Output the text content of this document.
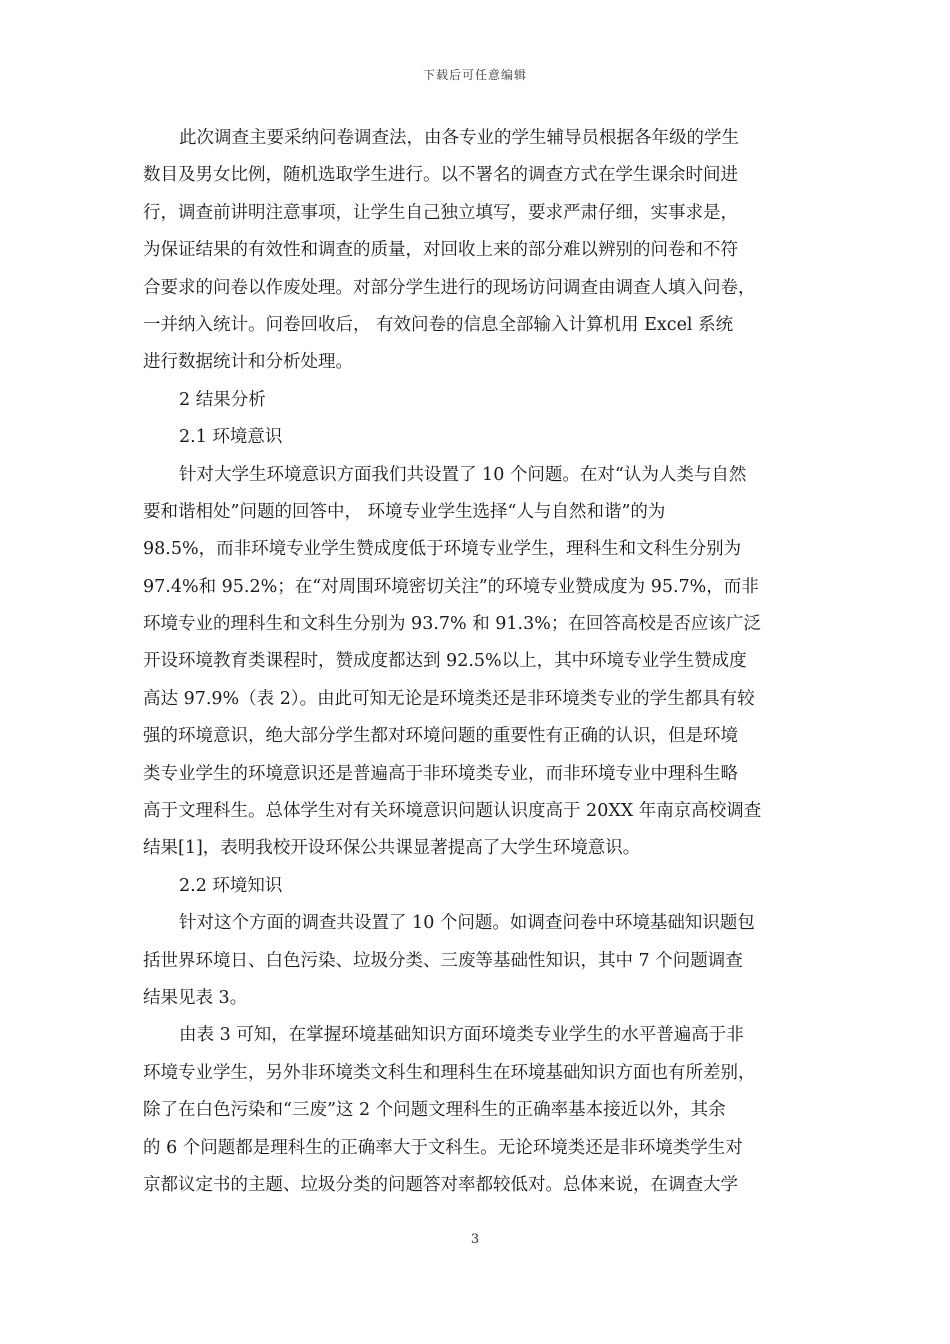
下载后可任意编辑
此次调查主要采纳问卷调查法，由各专业的学生辅导员根据各年级的学生
数目及男女比例，随机选取学生进行。以不署名的调查方式在学生课余时间进
行，调查前讲明注意事项，让学生自己独立填写，要求严肃仔细，实事求是，
为保证结果的有效性和调查的质量，对回收上来的部分难以辨别的问卷和不符
合要求的问卷以作废处理。对部分学生进行的现场访问调查由调查人填入问卷，
一并纳入统计。问卷回收后， 有效问卷的信息全部输入计算机用 Excel 系统
进行数据统计和分析处理。
2 结果分析
2.1 环境意识
针对大学生环境意识方面我们共设置了 10 个问题。在对“认为人类与自然
要和谐相处”问题的回答中， 环境专业学生选择“人与自然和谐”的为
98.5%，而非环境专业学生赞成度低于环境专业学生，理科生和文科生分别为
97.4%和 95.2%；在“对周围环境密切关注”的环境专业赞成度为 95.7%，而非
环境专业的理科生和文科生分别为 93.7% 和 91.3%；在回答高校是否应该广泛
开设环境教育类课程时，赞成度都达到 92.5%以上，其中环境专业学生赞成度
高达 97.9%（表 2）。由此可知无论是环境类还是非环境类专业的学生都具有较
强的环境意识，绝大部分学生都对环境问题的重要性有正确的认识，但是环境
类专业学生的环境意识还是普遍高于非环境类专业，而非环境专业中理科生略
高于文理科生。总体学生对有关环境意识问题认识度高于 20XX 年南京高校调查
结果[1]，表明我校开设环保公共课显著提高了大学生环境意识。
2.2 环境知识
针对这个方面的调查共设置了 10 个问题。如调查问卷中环境基础知识题包
括世界环境日、白色污染、垃圾分类、三废等基础性知识，其中 7 个问题调查
结果见表 3。
由表 3 可知，在掌握环境基础知识方面环境类专业学生的水平普遍高于非
环境专业学生，另外非环境类文科生和理科生在环境基础知识方面也有所差别，
除了在白色污染和“三废”这 2 个问题文理科生的正确率基本接近以外，其余
的 6 个问题都是理科生的正确率大于文科生。无论环境类还是非环境类学生对
京都议定书的主题、垃圾分类的问题答对率都较低对。总体来说，在调查大学
3
